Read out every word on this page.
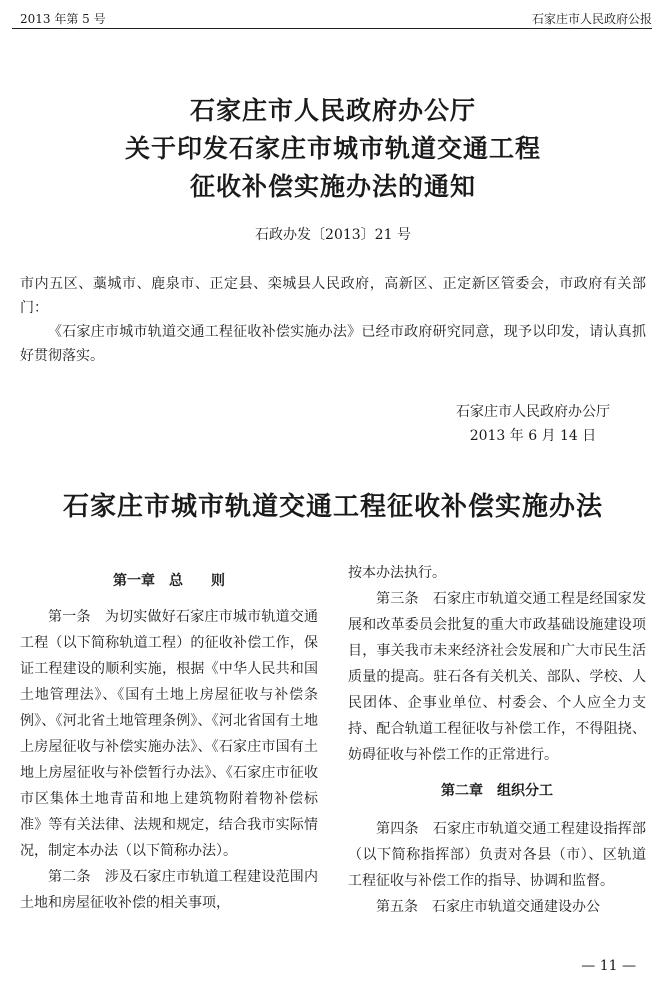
2013 年第 5 号	石家庄市人民政府公报
石家庄市人民政府办公厅
关于印发石家庄市城市轨道交通工程
征收补偿实施办法的通知
石政办发〔2013〕21 号

市内五区、藁城市、鹿泉市、正定县、栾城县人民政府，高新区、正定新区管委会，市政府有关部门：

《石家庄市城市轨道交通工程征收补偿实施办法》已经市政府研究同意，现予以印发，请认真抓好贯彻落实。

石家庄市人民政府办公厅
2013 年 6 月 14 日
石家庄市城市轨道交通工程征收补偿实施办法
第一章　总　　则

第一条　为切实做好石家庄市城市轨道交通工程（以下简称轨道工程）的征收补偿工作，保证工程建设的顺利实施，根据《中华人民共和国土地管理法》、《国有土地上房屋征收与补偿条例》、《河北省土地管理条例》、《河北省国有土地上房屋征收与补偿实施办法》、《石家庄市国有土地上房屋征收与补偿暂行办法》、《石家庄市征收市区集体土地青苗和地上建筑物附着物补偿标准》等有关法律、法规和规定，结合我市实际情况，制定本办法（以下简称办法）。

第二条　涉及石家庄市轨道工程建设范围内土地和房屋征收补偿的相关事项，

按本办法执行。

第三条　石家庄市轨道交通工程是经国家发展和改革委员会批复的重大市政基础设施建设项目，事关我市未来经济社会发展和广大市民生活质量的提高。驻石各有关机关、部队、学校、人民团体、企事业单位、村委会、个人应全力支持、配合轨道工程征收与补偿工作，不得阻挠、妨碍征收与补偿工作的正常进行。

第二章　组织分工

第四条　石家庄市轨道交通工程建设指挥部（以下简称指挥部）负责对各县（市）、区轨道工程征收与补偿工作的指导、协调和监督。

第五条　石家庄市轨道交通建设办公

— 11 —
